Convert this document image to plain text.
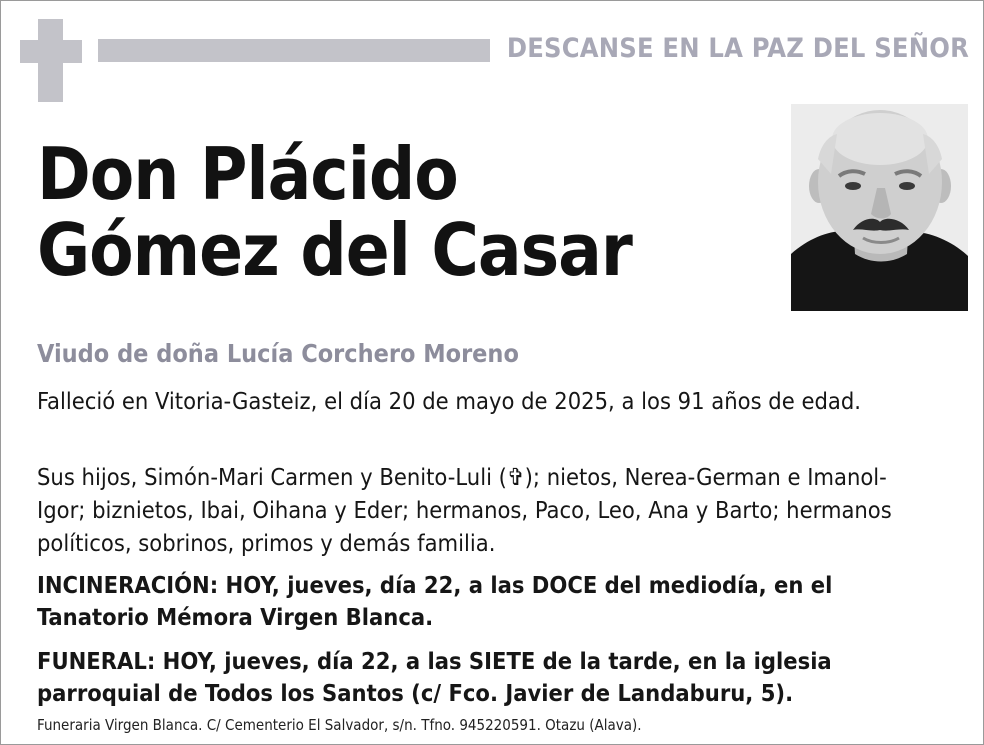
DESCANSE EN LA PAZ DEL SEÑOR
Don Plácido
Gómez del Casar
Viudo de doña Lucía Corchero Moreno
Falleció en Vitoria-Gasteiz, el día 20 de mayo de 2025, a los 91 años de edad.
Sus hijos, Simón-Mari Carmen y Benito-Luli (✞); nietos, Nerea-German e Imanol-Igor; biznietos, Ibai, Oihana y Eder; hermanos, Paco, Leo, Ana y Barto; hermanos políticos, sobrinos, primos y demás familia.
INCINERACIÓN: HOY, jueves, día 22, a las DOCE del mediodía, en el Tanatorio Mémora Virgen Blanca.
FUNERAL: HOY, jueves, día 22, a las SIETE de la tarde, en la iglesia parroquial de Todos los Santos (c/ Fco. Javier de Landaburu, 5).
Funeraria Virgen Blanca. C/ Cementerio El Salvador, s/n. Tfno. 945220591. Otazu (Alava).
